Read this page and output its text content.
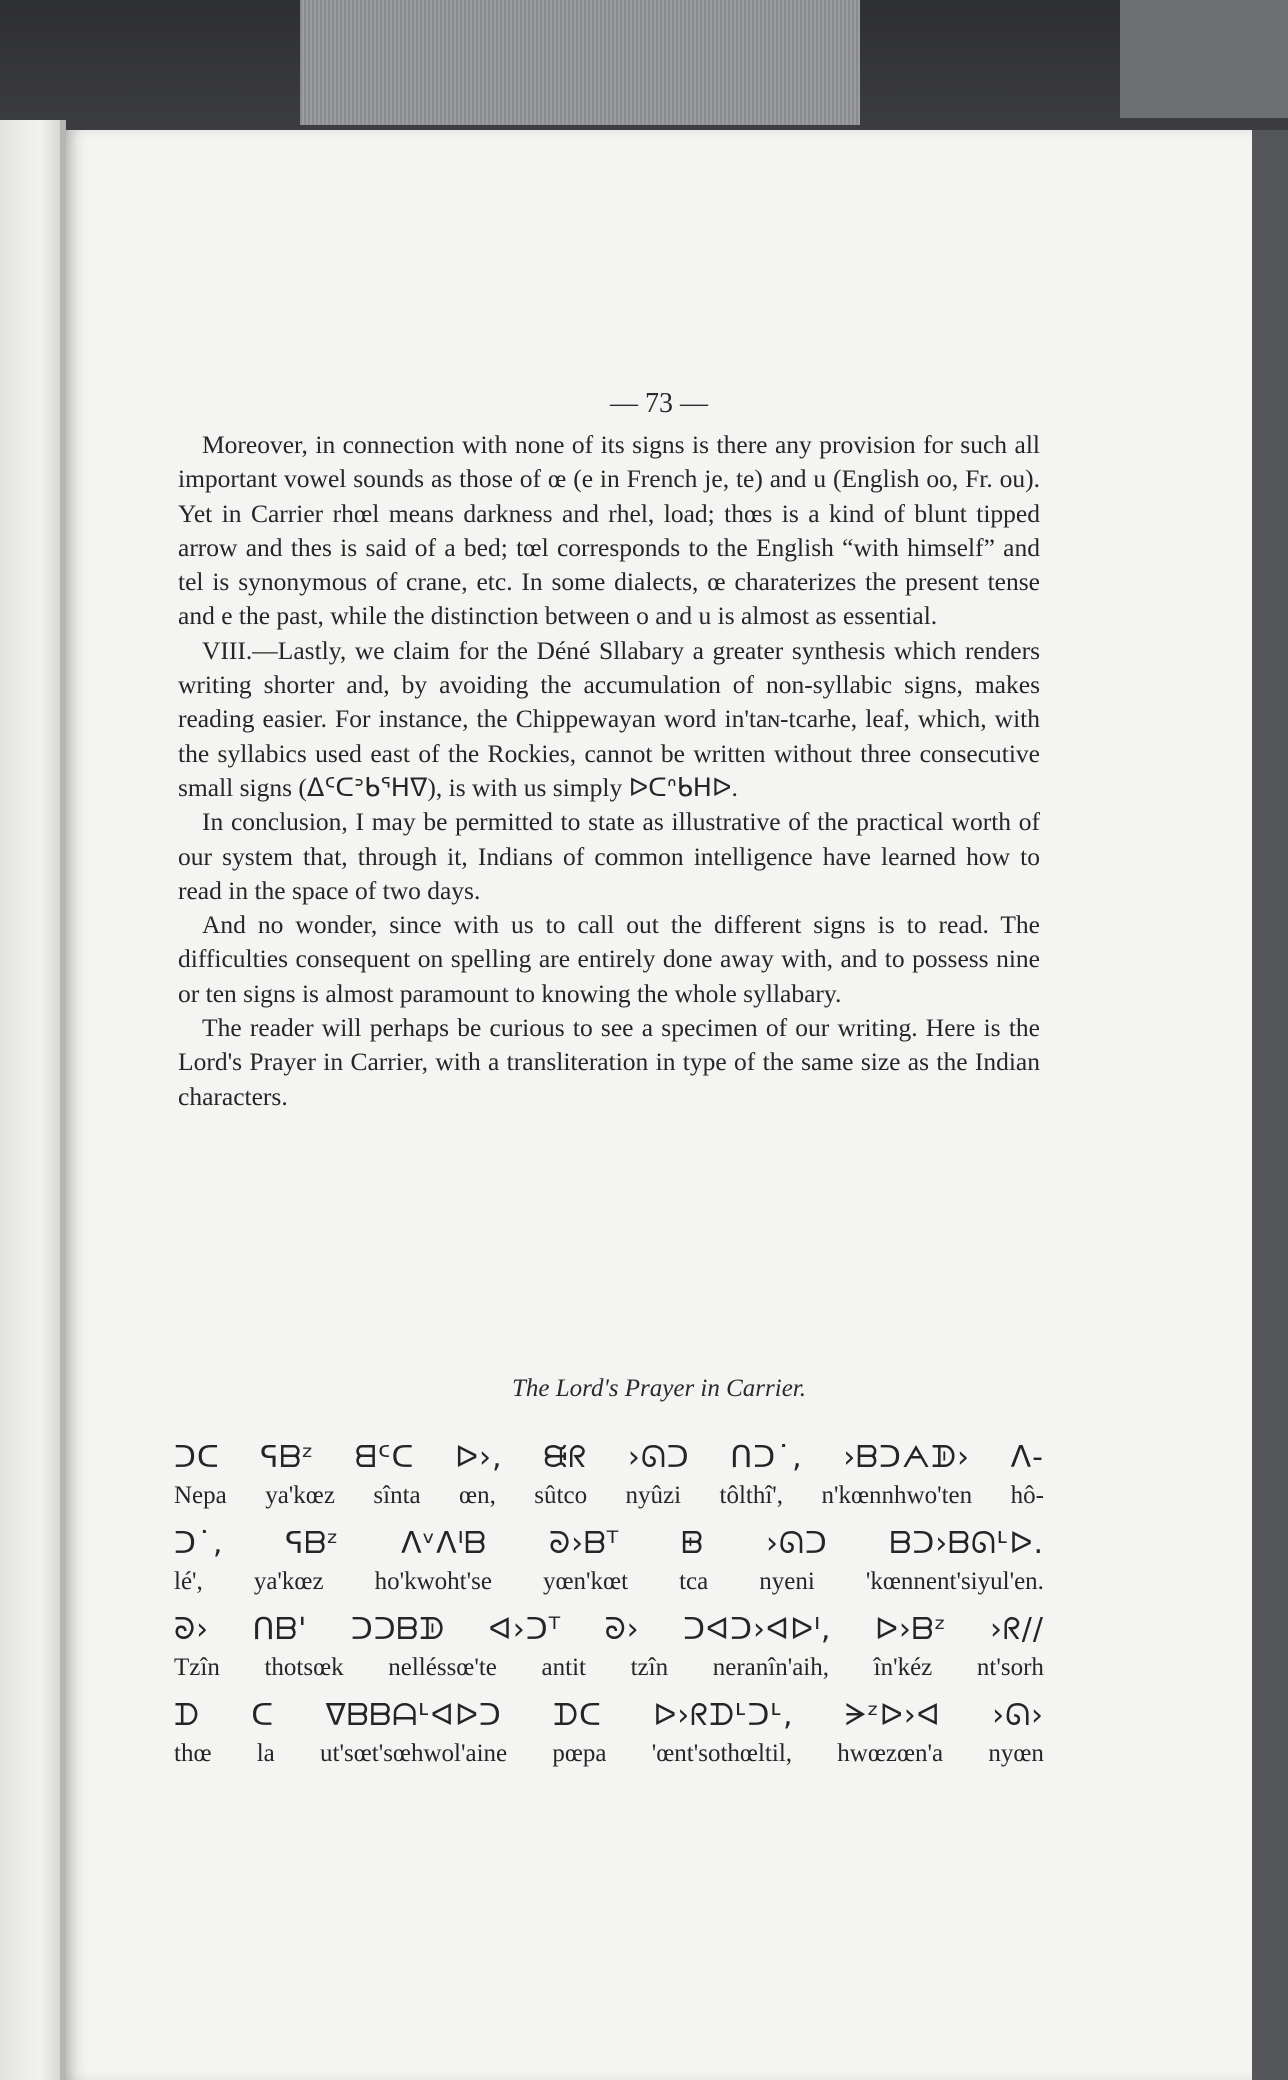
— 73 —

Moreover, in connection with none of its signs is there any provision for such all important vowel sounds as those of œ (e in French je, te) and u (English oo, Fr. ou). Yet in Carrier rhœl means darkness and rhel, load; thœs is a kind of blunt tipped arrow and thes is said of a bed; tœl corresponds to the English “with himself” and tel is synonymous of crane, etc. In some dialects, œ charaterizes the present tense and e the past, while the distinction between o and u is almost as essential.

VIII.—Lastly, we claim for the Déné Sllabary a greater synthesis which renders writing shorter and, by avoiding the accumulation of non-syllabic signs, makes reading easier. For instance, the Chippewayan word in'taɴ-tcarhe, leaf, which, with the syllabics used east of the Rockies, cannot be written without three consecutive small signs (ᐃᑦᑕᐣᑲᕐᕼᐁ), is with us simply ᐅᑕᐢᑲᕼᐅ.

In conclusion, I may be permitted to state as illustrative of the practical worth of our system that, through it, Indians of common intelligence have learned how to read in the space of two days.

And no wonder, since with us to call out the different signs is to read. The difficulties consequent on spelling are entirely done away with, and to possess nine or ten signs is almost paramount to knowing the whole syllabary.

The reader will perhaps be curious to see a specimen of our writing. Here is the Lord's Prayer in Carrier, with a transliteration in type of the same size as the Indian characters.

The Lord's Prayer in Carrier.
ᑐᑕ ᕋᗷᶻ ᗺᑦᑕ ᐅ›, ᙠᖇ ›ᘏᑐ ᑎᑐ˙, ›ᗷᑐᗅᗫ› ᐱ-
Nepa ya'kœz sînta œn, sûtco nyûzi tôlthî', n'kœnnhwo'ten hô-
ᑐ˙, ᕋᗷᶻ ᐱᵛᐱᑊᗷ ᘐ›ᗷᵀ ᗸ ›ᘏᑐ ᗷᑐ›ᗷᘏᒻᐅ.
lé', ya'kœz ho'kwoht'se yœn'kœt tca nyeni 'kœnnent'siyul'en.
ᘐ› ᑎᗷ' ᑐᑐᗷᗫ ᐊ›ᑐᵀ ᘐ› ᑐᐊᑐ›ᐊᐅᑊ, ᐅ›ᗷᶻ ›ᖇ//
Tzîn thotsœk nelléssœ'te antit tzîn neranîn'aih, în'kéz nt'sorh
ᗪ ᑕ ᐁᗷᗷᗩᒻᐊᐅᑐ ᗪᑕ ᐅ›ᖇᗪᒻᑐᒻ, ᗒᶻᐅ›ᐊ ›ᘏ›
thœ la ut'sœt'sœhwol'aine pœpa 'œnt'sothœltil, hwœzœn'a nyœn
